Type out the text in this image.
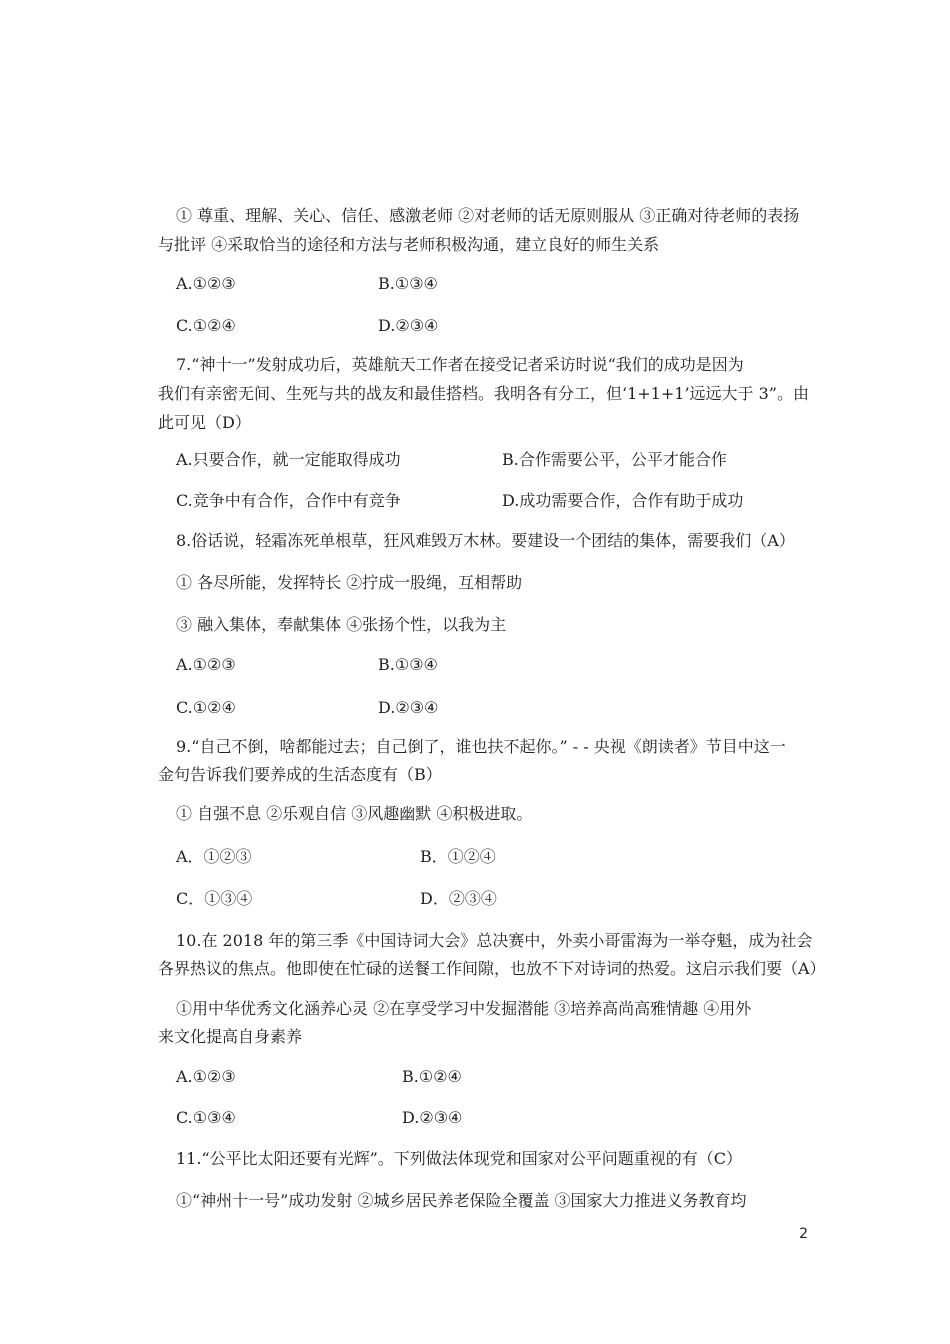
① 尊重、理解、关心、信任、感激老师 ②对老师的话无原则服从 ③正确对待老师的表扬
与批评 ④采取恰当的途径和方法与老师积极沟通，建立良好的师生关系
A.①②③	B.①③④
C.①②④	D.②③④
7.“神十一”发射成功后，英雄航天工作者在接受记者采访时说“我们的成功是因为
我们有亲密无间、生死与共的战友和最佳搭档。我明各有分工，但‘1+1+1’远远大于 3”。由
此可见（D）
A.只要合作，就一定能取得成功	B.合作需要公平，公平才能合作
C.竞争中有合作，合作中有竞争	D.成功需要合作，合作有助于成功
8.俗话说，轻霜冻死单根草，狂风难毁万木林。要建设一个团结的集体，需要我们（A）
① 各尽所能，发挥特长 ②拧成一股绳，互相帮助
③ 融入集体，奉献集体 ④张扬个性，以我为主
A.①②③	B.①③④
C.①②④	D.②③④
9.“自己不倒，啥都能过去；自己倒了，谁也扶不起你。” - - 央视《朗读者》节目中这一
金句告诉我们要养成的生活态度有（B）
① 自强不息 ②乐观自信 ③风趣幽默 ④积极进取。
A．①②③	B．①②④
C．①③④	D．②③④
10.在 2018 年的第三季《中国诗词大会》总决赛中，外卖小哥雷海为一举夺魁，成为社会
各界热议的焦点。他即使在忙碌的送餐工作间隙，也放不下对诗词的热爱。这启示我们要（A）
①用中华优秀文化涵养心灵 ②在享受学习中发掘潜能 ③培养高尚高雅情趣 ④用外
来文化提高自身素养
A.①②③	B.①②④
C.①③④	D.②③④
11.“公平比太阳还要有光辉”。下列做法体现党和国家对公平问题重视的有（C）
①“神州十一号”成功发射 ②城乡居民养老保险全覆盖 ③国家大力推进义务教育均
2
